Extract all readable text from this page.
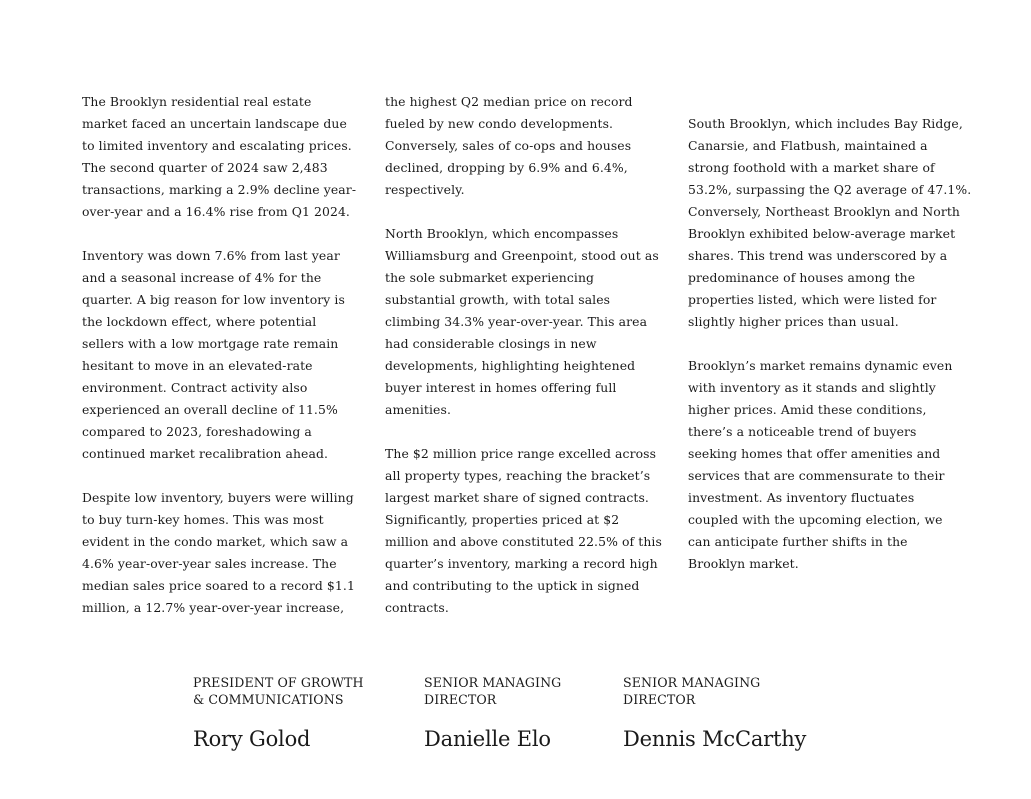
The Brooklyn residential real estate
market faced an uncertain landscape due
to limited inventory and escalating prices.
The second quarter of 2024 saw 2,483
transactions, marking a 2.9% decline year-
over-year and a 16.4% rise from Q1 2024.

Inventory was down 7.6% from last year
and a seasonal increase of 4% for the
quarter. A big reason for low inventory is
the lockdown effect, where potential
sellers with a low mortgage rate remain
hesitant to move in an elevated-rate
environment. Contract activity also
experienced an overall decline of 11.5%
compared to 2023, foreshadowing a
continued market recalibration ahead.

Despite low inventory, buyers were willing
to buy turn-key homes. This was most
evident in the condo market, which saw a
4.6% year-over-year sales increase. The
median sales price soared to a record $1.1
million, a 12.7% year-over-year increase,

the highest Q2 median price on record
fueled by new condo developments.
Conversely, sales of co-ops and houses
declined, dropping by 6.9% and 6.4%,
respectively.

North Brooklyn, which encompasses
Williamsburg and Greenpoint, stood out as
the sole submarket experiencing
substantial growth, with total sales
climbing 34.3% year-over-year. This area
had considerable closings in new
developments, highlighting heightened
buyer interest in homes offering full
amenities.

The $2 million price range excelled across
all property types, reaching the bracket’s
largest market share of signed contracts.
Significantly, properties priced at $2
million and above constituted 22.5% of this
quarter’s inventory, marking a record high
and contributing to the uptick in signed
contracts.

South Brooklyn, which includes Bay Ridge,
Canarsie, and Flatbush, maintained a
strong foothold with a market share of
53.2%, surpassing the Q2 average of 47.1%.
Conversely, Northeast Brooklyn and North
Brooklyn exhibited below-average market
shares. This trend was underscored by a
predominance of houses among the
properties listed, which were listed for
slightly higher prices than usual.

Brooklyn’s market remains dynamic even
with inventory as it stands and slightly
higher prices. Amid these conditions,
there’s a noticeable trend of buyers
seeking homes that offer amenities and
services that are commensurate to their
investment. As inventory fluctuates
coupled with the upcoming election, we
can anticipate further shifts in the
Brooklyn market.

PRESIDENT OF GROWTH
& COMMUNICATIONS
Rory Golod
SENIOR MANAGING
DIRECTOR
Danielle Elo
SENIOR MANAGING
DIRECTOR
Dennis McCarthy
